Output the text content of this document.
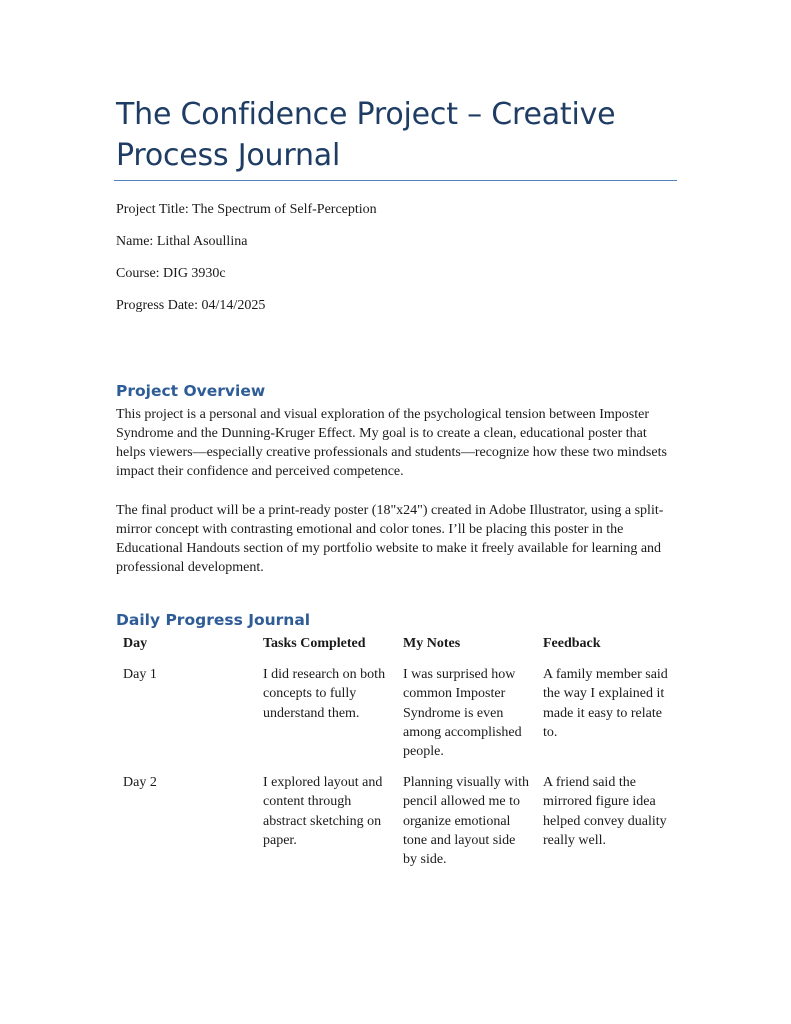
The Confidence Project – Creative Process Journal

Project Title: The Spectrum of Self-Perception

Name: Lithal Asoullina

Course: DIG 3930c

Progress Date: 04/14/2025

Project Overview

This project is a personal and visual exploration of the psychological tension between Imposter Syndrome and the Dunning-Kruger Effect. My goal is to create a clean, educational poster that helps viewers—especially creative professionals and students—recognize how these two mindsets impact their confidence and perceived competence.

The final product will be a print-ready poster (18"x24") created in Adobe Illustrator, using a split-mirror concept with contrasting emotional and color tones. I’ll be placing this poster in the Educational Handouts section of my portfolio website to make it freely available for learning and professional development.

Daily Progress Journal
Day	Tasks Completed	My Notes	Feedback

Day 1	I did research on both concepts to fully understand them.	I was surprised how common Imposter Syndrome is even among accomplished people.	A family member said the way I explained it made it easy to relate to.

Day 2	I explored layout and content through abstract sketching on paper.	Planning visually with pencil allowed me to organize emotional tone and layout side by side.	A friend said the mirrored figure idea helped convey duality really well.
